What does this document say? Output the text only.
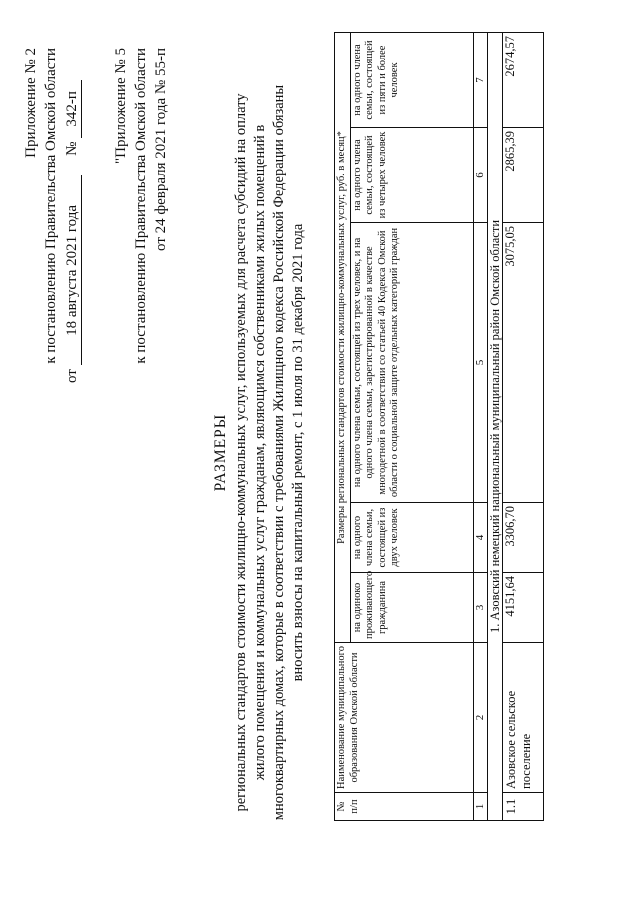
Приложение № 2 к постановлению Правительства Омской области
от 18 августа 2021 года  № 342-п "Приложение № 5 к постановлению Правительства Омской области от 24 февраля 2021 года № 55-п
РАЗМЕРЫ региональных стандартов стоимости жилищно-коммунальных услуг, используемых для расчета субсидий на оплату жилого помещения и коммунальных услуг гражданам, являющимся собственниками жилых помещений в многоквартирных домах, которые в соответствии с требованиями Жилищного кодекса Российской Федерации обязаны вносить взносы на капитальный ремонт, с 1 июля по 31 декабря 2021 года
№ п/п	Наименование муниципального образования Омской области	Размеры региональных стандартов стоимости жилищно-коммунальных услуг, руб. в месяц*				
		на одиноко проживающего гражданина	на одного члена семьи, состоящей из двух человек	на одного члена семьи, состоящей из трех человек, и на одного члена семьи, зарегистрированной в качестве многодетной в соответствии со статьей 40 Кодекса Омской области о социальной защите отдельных категорий граждан	на одного члена семьи, состоящей из четырех человек	на одного члена семьи, состоящей из пяти и более человек
1	2	3	4	5	6	7
1. Азовский немецкий национальный муниципальный район Омской области						
1.1	Азовское сельское поселение	4151,64	3306,70	3075,05	2865,39	2674,57
